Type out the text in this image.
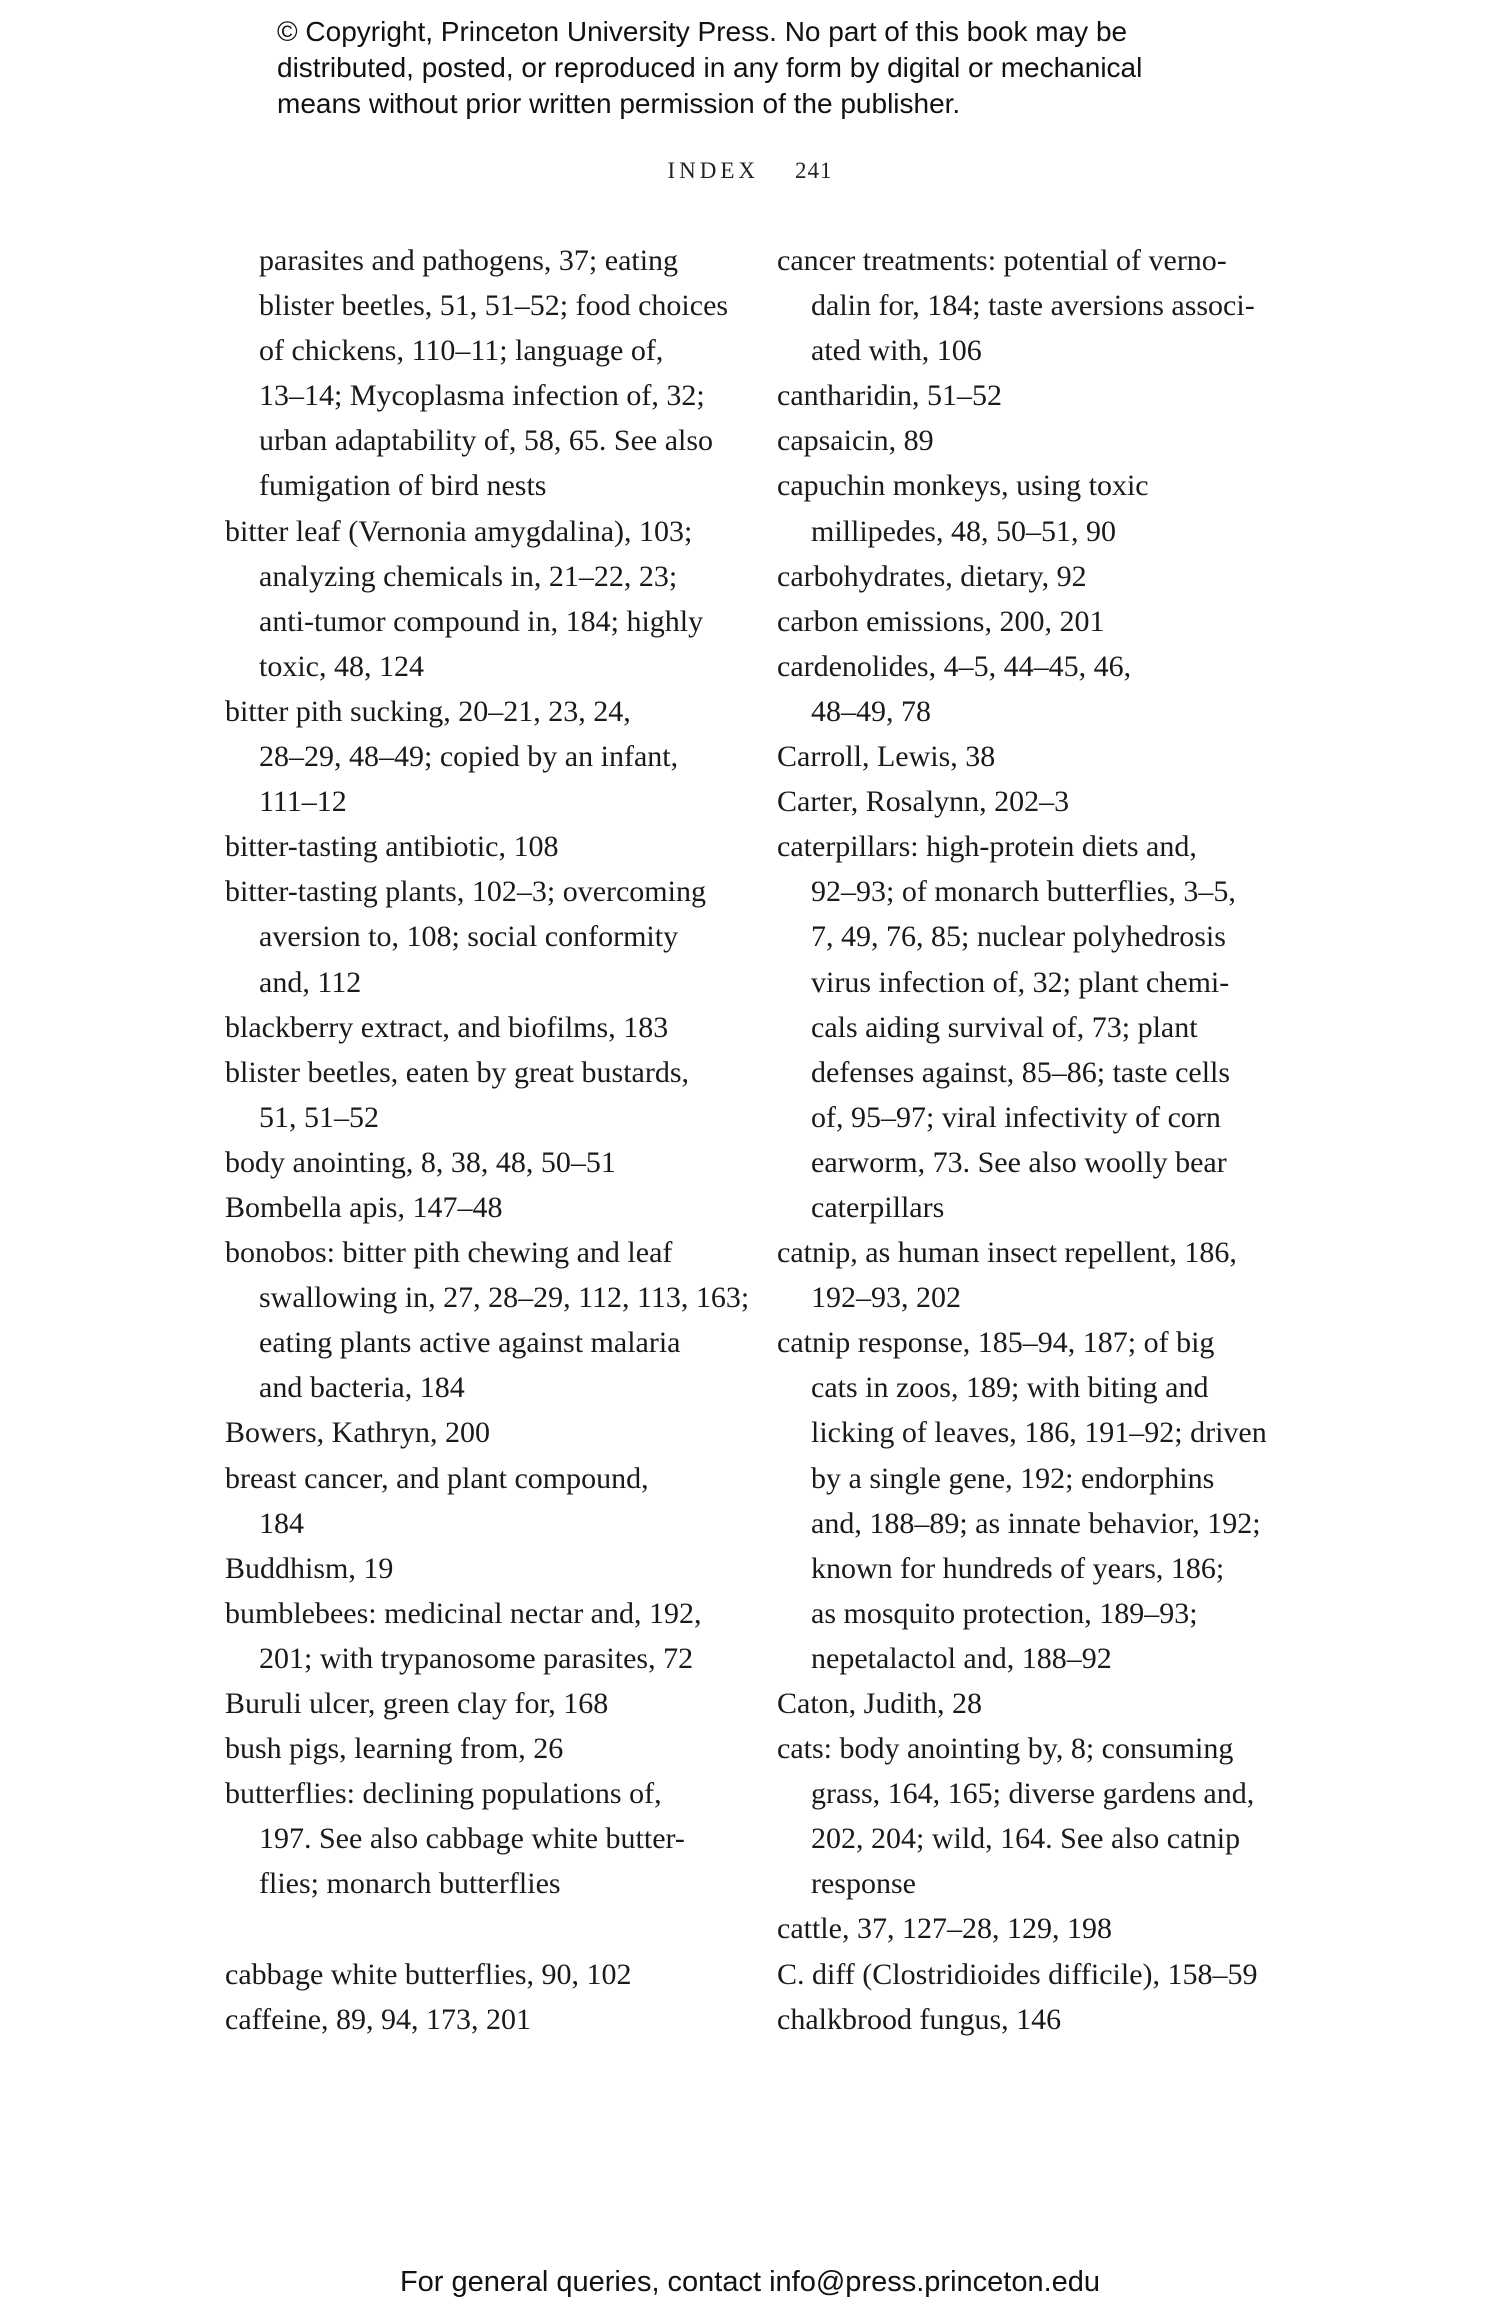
© Copyright, Princeton University Press. No part of this book may be
distributed, posted, or reproduced in any form by digital or mechanical
means without prior written permission of the publisher.
INDEX 241
parasites and pathogens, 37; eating
blister beetles, 51, 51–52; food choices
of chickens, 110–11; language of,
13–14; Mycoplasma infection of, 32;
urban adaptability of, 58, 65. See also
fumigation of bird nests
bitter leaf (Vernonia amygdalina), 103;
analyzing chemicals in, 21–22, 23;
anti-tumor compound in, 184; highly
toxic, 48, 124
bitter pith sucking, 20–21, 23, 24,
28–29, 48–49; copied by an infant,
111–12
bitter-tasting antibiotic, 108
bitter-tasting plants, 102–3; overcoming
aversion to, 108; social conformity
and, 112
blackberry extract, and biofilms, 183
blister beetles, eaten by great bustards,
51, 51–52
body anointing, 8, 38, 48, 50–51
Bombella apis, 147–48
bonobos: bitter pith chewing and leaf
swallowing in, 27, 28–29, 112, 113, 163;
eating plants active against malaria
and bacteria, 184
Bowers, Kathryn, 200
breast cancer, and plant compound,
184
Buddhism, 19
bumblebees: medicinal nectar and, 192,
201; with trypanosome parasites, 72
Buruli ulcer, green clay for, 168
bush pigs, learning from, 26
butterflies: declining populations of,
197. See also cabbage white butter-
flies; monarch butterflies
cabbage white butterflies, 90, 102
caffeine, 89, 94, 173, 201
cancer treatments: potential of verno-
dalin for, 184; taste aversions associ-
ated with, 106
cantharidin, 51–52
capsaicin, 89
capuchin monkeys, using toxic
millipedes, 48, 50–51, 90
carbohydrates, dietary, 92
carbon emissions, 200, 201
cardenolides, 4–5, 44–45, 46,
48–49, 78
Carroll, Lewis, 38
Carter, Rosalynn, 202–3
caterpillars: high-protein diets and,
92–93; of monarch butterflies, 3–5,
7, 49, 76, 85; nuclear polyhedrosis
virus infection of, 32; plant chemi-
cals aiding survival of, 73; plant
defenses against, 85–86; taste cells
of, 95–97; viral infectivity of corn
earworm, 73. See also woolly bear
caterpillars
catnip, as human insect repellent, 186,
192–93, 202
catnip response, 185–94, 187; of big
cats in zoos, 189; with biting and
licking of leaves, 186, 191–92; driven
by a single gene, 192; endorphins
and, 188–89; as innate behavior, 192;
known for hundreds of years, 186;
as mosquito protection, 189–93;
nepetalactol and, 188–92
Caton, Judith, 28
cats: body anointing by, 8; consuming
grass, 164, 165; diverse gardens and,
202, 204; wild, 164. See also catnip
response
cattle, 37, 127–28, 129, 198
C. diff (Clostridioides difficile), 158–59
chalkbrood fungus, 146
For general queries, contact info@press.princeton.edu
